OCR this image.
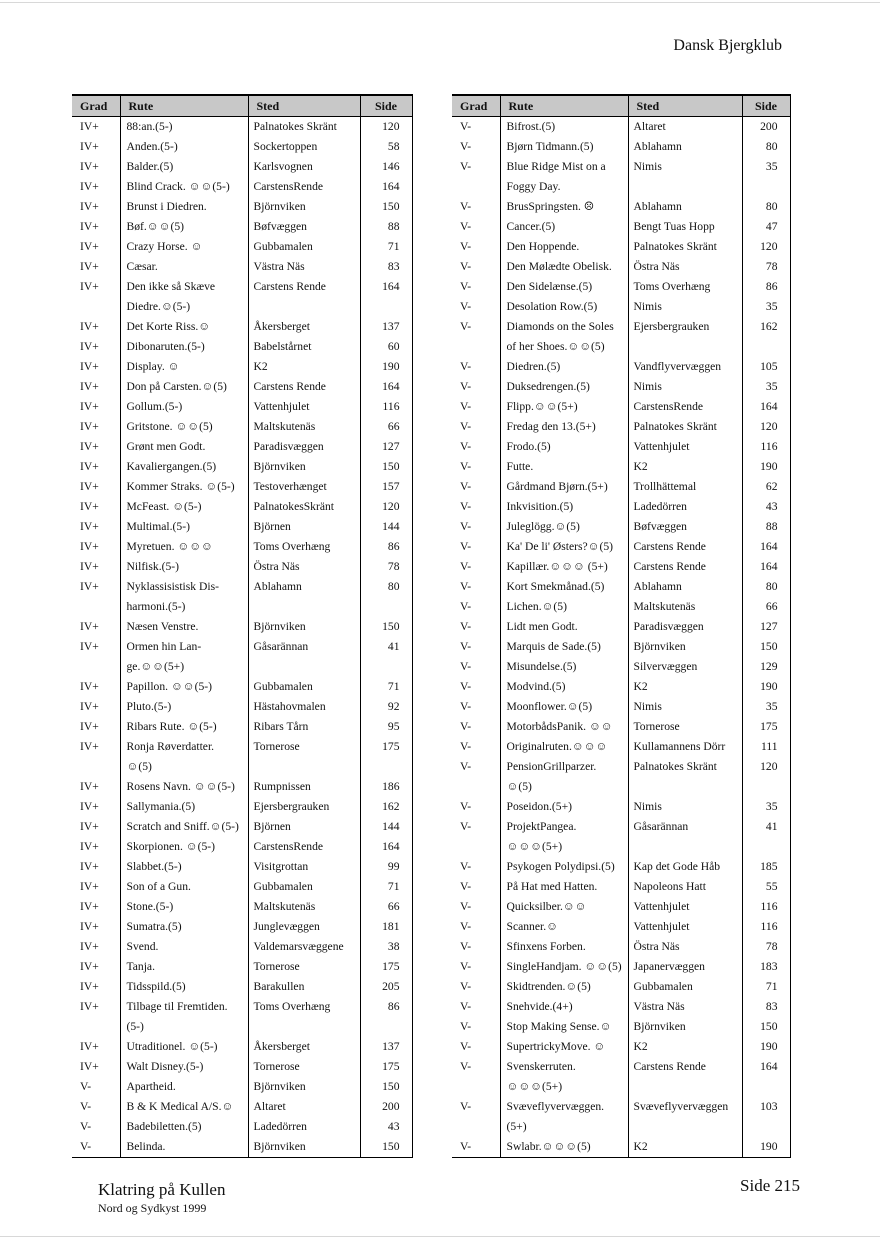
Dansk Bjergklub
Grad	Rute	Sted	Side
IV+	88:an.(5-)	Palnatokes Skränt	120
IV+	Anden.(5-)	Sockertoppen	58
IV+	Balder.(5)	Karlsvognen	146
IV+	Blind Crack. ☺☺(5-)	CarstensRende	164
IV+	Brunst i Diedren.	Björnviken	150
IV+	Bøf.☺☺(5)	Bøfvæggen	88
IV+	Crazy Horse. ☺	Gubbamalen	71
IV+	Cæsar.	Västra Näs	83
IV+	Den ikke så Skæve	Carstens Rende	164
	Diedre.☺(5-)		
IV+	Det Korte Riss.☺	Åkersberget	137
IV+	Dibonaruten.(5-)	Babelstårnet	60
IV+	Display. ☺	K2	190
IV+	Don på Carsten.☺(5)	Carstens Rende	164
IV+	Gollum.(5-)	Vattenhjulet	116
IV+	Gritstone. ☺☺(5)	Maltskutenäs	66
IV+	Grønt men Godt.	Paradisvæggen	127
IV+	Kavaliergangen.(5)	Björnviken	150
IV+	Kommer Straks. ☺(5-)	Testoverhænget	157
IV+	McFeast. ☺(5-)	PalnatokesSkränt	120
IV+	Multimal.(5-)	Björnen	144
IV+	Myretuen. ☺☺☺	Toms Overhæng	86
IV+	Nilfisk.(5-)	Östra Näs	78
IV+	Nyklassisistisk Dis-	Ablahamn	80
	harmoni.(5-)		
IV+	Næsen Venstre.	Björnviken	150
IV+	Ormen hin Lan-	Gåsarännan	41
	ge.☺☺(5+)		
IV+	Papillon. ☺☺(5-)	Gubbamalen	71
IV+	Pluto.(5-)	Hästahovmalen	92
IV+	Ribars Rute. ☺(5-)	Ribars Tårn	95
IV+	Ronja Røverdatter.	Tornerose	175
	☺(5)		
IV+	Rosens Navn. ☺☺(5-)	Rumpnissen	186
IV+	Sallymania.(5)	Ejersbergrauken	162
IV+	Scratch and Sniff.☺(5-)	Björnen	144
IV+	Skorpionen. ☺(5-)	CarstensRende	164
IV+	Slabbet.(5-)	Visitgrottan	99
IV+	Son of a Gun.	Gubbamalen	71
IV+	Stone.(5-)	Maltskutenäs	66
IV+	Sumatra.(5)	Junglevæggen	181
IV+	Svend.	Valdemarsvæggene	38
IV+	Tanja.	Tornerose	175
IV+	Tidsspild.(5)	Barakullen	205
IV+	Tilbage til Fremtiden.	Toms Overhæng	86
	(5-)		
IV+	Utraditionel. ☺(5-)	Åkersberget	137
IV+	Walt Disney.(5-)	Tornerose	175
V-	Apartheid.	Björnviken	150
V-	B & K Medical A/S.☺	Altaret	200
V-	Badebiletten.(5)	Ladedörren	43
V-	Belinda.	Björnviken	150
Grad	Rute	Sted	Side
V-	Bifrost.(5)	Altaret	200
V-	Bjørn Tidmann.(5)	Ablahamn	80
V-	Blue Ridge Mist on a	Nimis	35
	Foggy Day.		
V-	BrusSpringsten. ☹	Ablahamn	80
V-	Cancer.(5)	Bengt Tuas Hopp	47
V-	Den Hoppende.	Palnatokes Skränt	120
V-	Den Mølædte Obelisk.	Östra Näs	78
V-	Den Sidelænse.(5)	Toms Overhæng	86
V-	Desolation Row.(5)	Nimis	35
V-	Diamonds on the Soles	Ejersbergrauken	162
	of her Shoes.☺☺(5)		
V-	Diedren.(5)	Vandflyvervæggen	105
V-	Duksedrengen.(5)	Nimis	35
V-	Flipp.☺☺(5+)	CarstensRende	164
V-	Fredag den 13.(5+)	Palnatokes Skränt	120
V-	Frodo.(5)	Vattenhjulet	116
V-	Futte.	K2	190
V-	Gårdmand Bjørn.(5+)	Trollhättemal	62
V-	Inkvisition.(5)	Ladedörren	43
V-	Juleglögg.☺(5)	Bøfvæggen	88
V-	Ka' De li' Østers?☺(5)	Carstens Rende	164
V-	Kapillær.☺☺☺ (5+)	Carstens Rende	164
V-	Kort Smekmånad.(5)	Ablahamn	80
V-	Lichen.☺(5)	Maltskutenäs	66
V-	Lidt men Godt.	Paradisvæggen	127
V-	Marquis de Sade.(5)	Björnviken	150
V-	Misundelse.(5)	Silvervæggen	129
V-	Modvind.(5)	K2	190
V-	Moonflower.☺(5)	Nimis	35
V-	MotorbådsPanik. ☺☺	Tornerose	175
V-	Originalruten.☺☺☺	Kullamannens Dörr	111
V-	PensionGrillparzer.	Palnatokes Skränt	120
	☺(5)		
V-	Poseidon.(5+)	Nimis	35
V-	ProjektPangea.	Gåsarännan	41
	☺☺☺(5+)		
V-	Psykogen Polydipsi.(5)	Kap det Gode Håb	185
V-	På Hat med Hatten.	Napoleons Hatt	55
V-	Quicksilber.☺☺	Vattenhjulet	116
V-	Scanner.☺	Vattenhjulet	116
V-	Sfinxens Forben.	Östra Näs	78
V-	SingleHandjam. ☺☺(5)	Japanervæggen	183
V-	Skidtrenden.☺(5)	Gubbamalen	71
V-	Snehvide.(4+)	Västra Näs	83
V-	Stop Making Sense.☺	Björnviken	150
V-	SupertrickyMove. ☺	K2	190
V-	Svenskerruten.	Carstens Rende	164
	☺☺☺(5+)		
V-	Svæveflyvervæggen.	Svæveflyvervæggen	103
	(5+)		
V-	Swlabr.☺☺☺(5)	K2	190
Klatring på Kullen
Nord og Sydkyst 1999
Side 215
